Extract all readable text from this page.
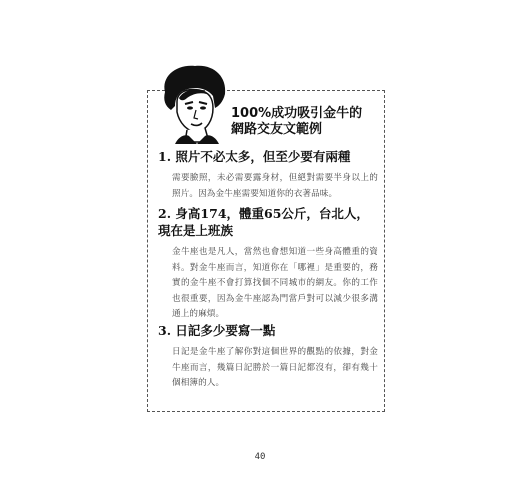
100%成功吸引金牛的
網路交友文範例
1. 照片不必太多，但至少要有兩種
需要臉照，未必需要露身材，但絕對需要半身以上的照片。因為金牛座需要知道你的衣著品味。
2. 身高174，體重65公斤，台北人，現在是上班族
金牛座也是凡人，當然也會想知道一些身高體重的資料。對金牛座而言，知道你在「哪裡」是重要的，務實的金牛座不會打算找個不同城市的網友。你的工作也很重要，因為金牛座認為門當戶對可以減少很多溝通上的麻煩。
3. 日記多少要寫一點
日記是金牛座了解你對這個世界的觀點的依據，對金牛座而言，幾篇日記勝於一篇日記都沒有，卻有幾十個相簿的人。
40
